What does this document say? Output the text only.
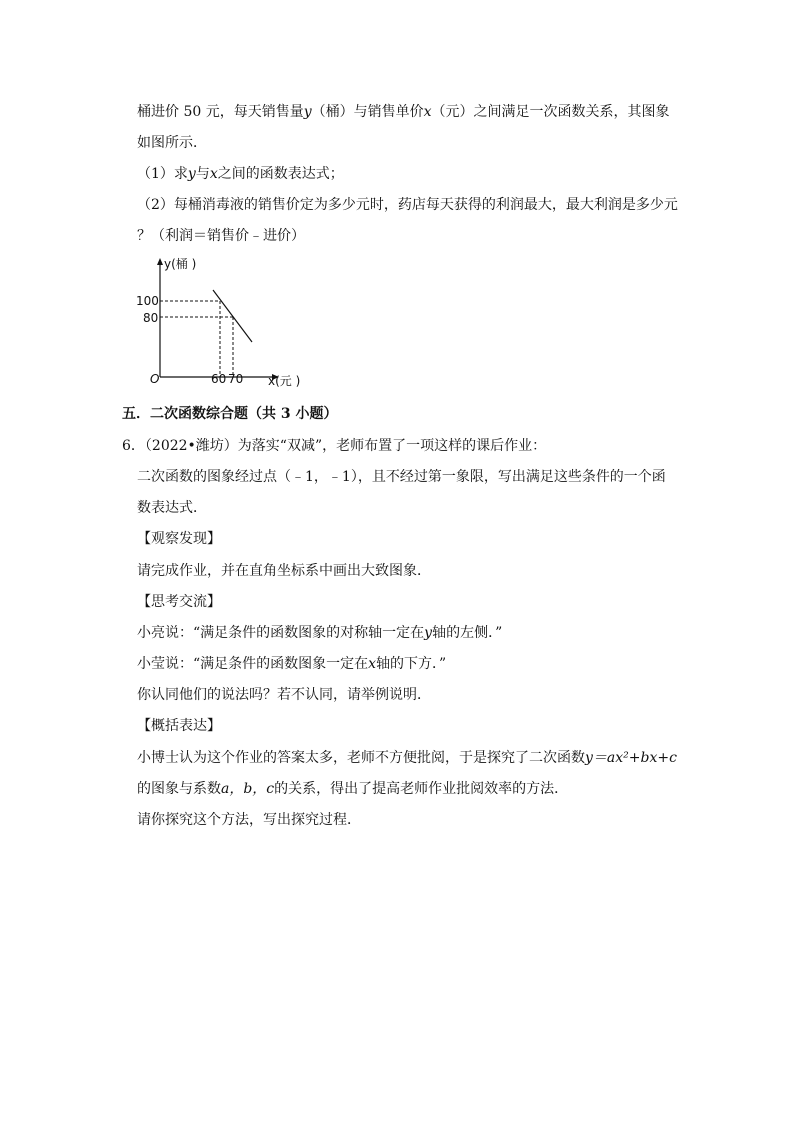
桶进价 50 元，每天销售量y（桶）与销售单价x（元）之间满足一次函数关系，其图象
如图所示．
（1）求y与x之间的函数表达式；
（2）每桶消毒液的销售价定为多少元时，药店每天获得的利润最大，最大利润是多少元
？（利润＝销售价﹣进价）
y(桶 )
x(元 )
O
100
80
60 70
五．二次函数综合题（共 3 小题）
6．（2022•潍坊）为落实“双减”，老师布置了一项这样的课后作业：
二次函数的图象经过点（﹣1，﹣1），且不经过第一象限，写出满足这些条件的一个函
数表达式．
【观察发现】
请完成作业，并在直角坐标系中画出大致图象．
【思考交流】
小亮说：“满足条件的函数图象的对称轴一定在y轴的左侧．”
小莹说：“满足条件的函数图象一定在x轴的下方．”
你认同他们的说法吗？若不认同，请举例说明．
【概括表达】
小博士认为这个作业的答案太多，老师不方便批阅，于是探究了二次函数y＝ax²+bx+c
的图象与系数a，b，c的关系，得出了提高老师作业批阅效率的方法．
请你探究这个方法，写出探究过程．
